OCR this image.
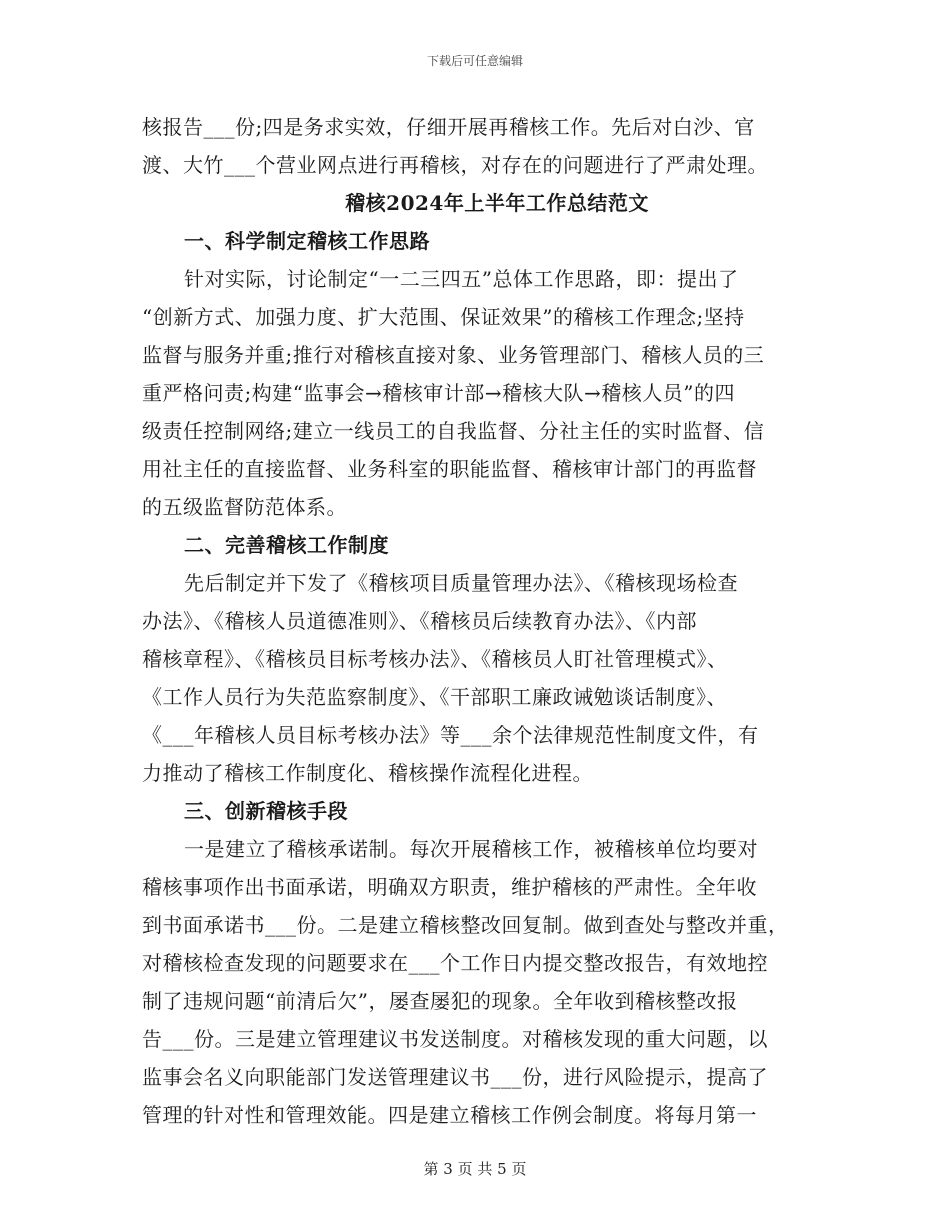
下载后可任意编辑
核报告___份;四是务求实效，仔细开展再稽核工作。先后对白沙、官
渡、大竹___个营业网点进行再稽核，对存在的问题进行了严肃处理。
稽核2024年上半年工作总结范文
一、科学制定稽核工作思路
针对实际，讨论制定“一二三四五”总体工作思路，即：提出了
“创新方式、加强力度、扩大范围、保证效果”的稽核工作理念;坚持
监督与服务并重;推行对稽核直接对象、业务管理部门、稽核人员的三
重严格问责;构建“监事会→稽核审计部→稽核大队→稽核人员”的四
级责任控制网络;建立一线员工的自我监督、分社主任的实时监督、信
用社主任的直接监督、业务科室的职能监督、稽核审计部门的再监督
的五级监督防范体系。
二、完善稽核工作制度
先后制定并下发了《稽核项目质量管理办法》、《稽核现场检查
办法》、《稽核人员道德准则》、《稽核员后续教育办法》、《内部
稽核章程》、《稽核员目标考核办法》、《稽核员人盯社管理模式》、
《工作人员行为失范监察制度》、《干部职工廉政诫勉谈话制度》、
《___年稽核人员目标考核办法》等___余个法律规范性制度文件，有
力推动了稽核工作制度化、稽核操作流程化进程。
三、创新稽核手段
一是建立了稽核承诺制。每次开展稽核工作，被稽核单位均要对
稽核事项作出书面承诺，明确双方职责，维护稽核的严肃性。全年收
到书面承诺书___份。二是建立稽核整改回复制。做到查处与整改并重，
对稽核检查发现的问题要求在___个工作日内提交整改报告，有效地控
制了违规问题“前清后欠”，屡查屡犯的现象。全年收到稽核整改报
告___份。三是建立管理建议书发送制度。对稽核发现的重大问题，以
监事会名义向职能部门发送管理建议书___份，进行风险提示，提高了
管理的针对性和管理效能。四是建立稽核工作例会制度。将每月第一
第 3 页 共 5 页
